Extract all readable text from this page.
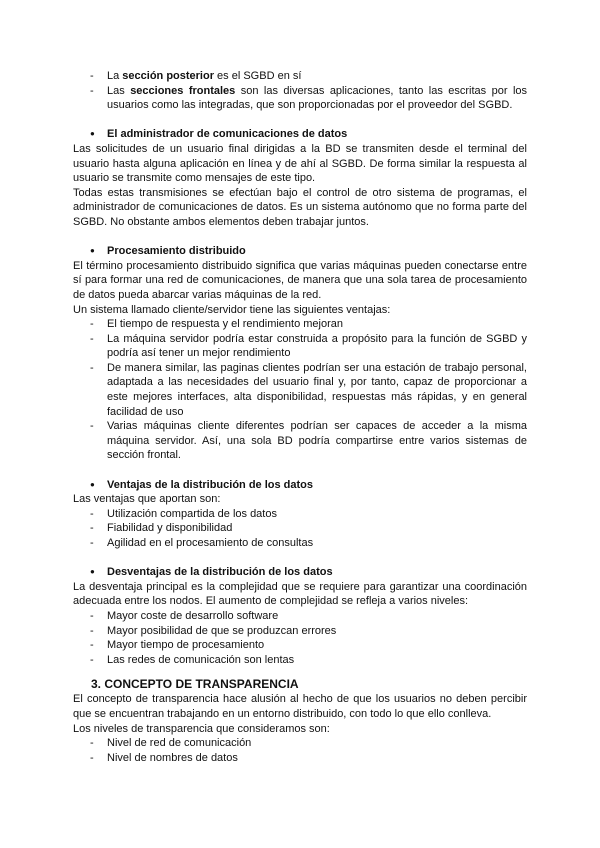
- La sección posterior es el SGBD en sí
- Las secciones frontales son las diversas aplicaciones, tanto las escritas por los usuarios como las integradas, que son proporcionadas por el proveedor del SGBD.
● El administrador de comunicaciones de datos
Las solicitudes de un usuario final dirigidas a la BD se transmiten desde el terminal del usuario hasta alguna aplicación en línea y de ahí al SGBD. De forma similar la respuesta al usuario se transmite como mensajes de este tipo.
Todas estas transmisiones se efectúan bajo el control de otro sistema de programas, el administrador de comunicaciones de datos. Es un sistema autónomo que no forma parte del SGBD. No obstante ambos elementos deben trabajar juntos.
● Procesamiento distribuido
El término procesamiento distribuido significa que varias máquinas pueden conectarse entre sí para formar una red de comunicaciones, de manera que una sola tarea de procesamiento de datos pueda abarcar varias máquinas de la red.
Un sistema llamado cliente/servidor tiene las siguientes ventajas:
- El tiempo de respuesta y el rendimiento mejoran
- La máquina servidor podría estar construida a propósito para la función de SGBD y podría así tener un mejor rendimiento
- De manera similar, las paginas clientes podrían ser una estación de trabajo personal, adaptada a las necesidades del usuario final y, por tanto, capaz de proporcionar a este mejores interfaces, alta disponibilidad, respuestas más rápidas, y en general facilidad de uso
- Varias máquinas cliente diferentes podrían ser capaces de acceder a la misma máquina servidor. Así, una sola BD podría compartirse entre varios sistemas de sección frontal.
● Ventajas de la distribución de los datos
Las ventajas que aportan son:
- Utilización compartida de los datos
- Fiabilidad y disponibilidad
- Agilidad en el procesamiento de consultas
● Desventajas de la distribución de los datos
La desventaja principal es la complejidad que se requiere para garantizar una coordinación adecuada entre los nodos. El aumento de complejidad se refleja a varios niveles:
- Mayor coste de desarrollo software
- Mayor posibilidad de que se produzcan errores
- Mayor tiempo de procesamiento
- Las redes de comunicación son lentas
3. CONCEPTO DE TRANSPARENCIA
El concepto de transparencia hace alusión al hecho de que los usuarios no deben percibir que se encuentran trabajando en un entorno distribuido, con todo lo que ello conlleva.
Los niveles de transparencia que consideramos son:
- Nivel de red de comunicación
- Nivel de nombres de datos
